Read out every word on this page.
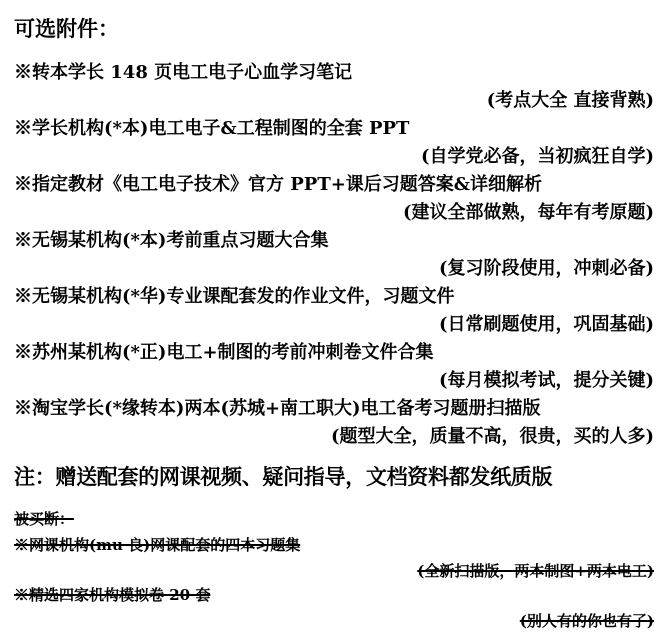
可选附件：
※转本学长 148 页电工电子心血学习笔记
(考点大全 直接背熟)
※学长机构(*本)电工电子&工程制图的全套 PPT
(自学党必备，当初疯狂自学)
※指定教材《电工电子技术》官方 PPT+课后习题答案&详细解析
(建议全部做熟，每年有考原题)
※无锡某机构(*本)考前重点习题大合集
(复习阶段使用，冲刺必备)
※无锡某机构(*华)专业课配套发的作业文件，习题文件
(日常刷题使用，巩固基础)
※苏州某机构(*正)电工+制图的考前冲刺卷文件合集
(每月模拟考试，提分关键)
※淘宝学长(*缘转本)两本(苏城+南工职大)电工备考习题册扫描版
(题型大全，质量不高，很贵，买的人多)
注：赠送配套的网课视频、疑问指导，文档资料都发纸质版
被买断：
※网课机构(mu 良)网课配套的四本习题集
(全新扫描版，两本制图+两本电工)
※精选四家机构模拟卷 20 套
(别人有的你也有了)
